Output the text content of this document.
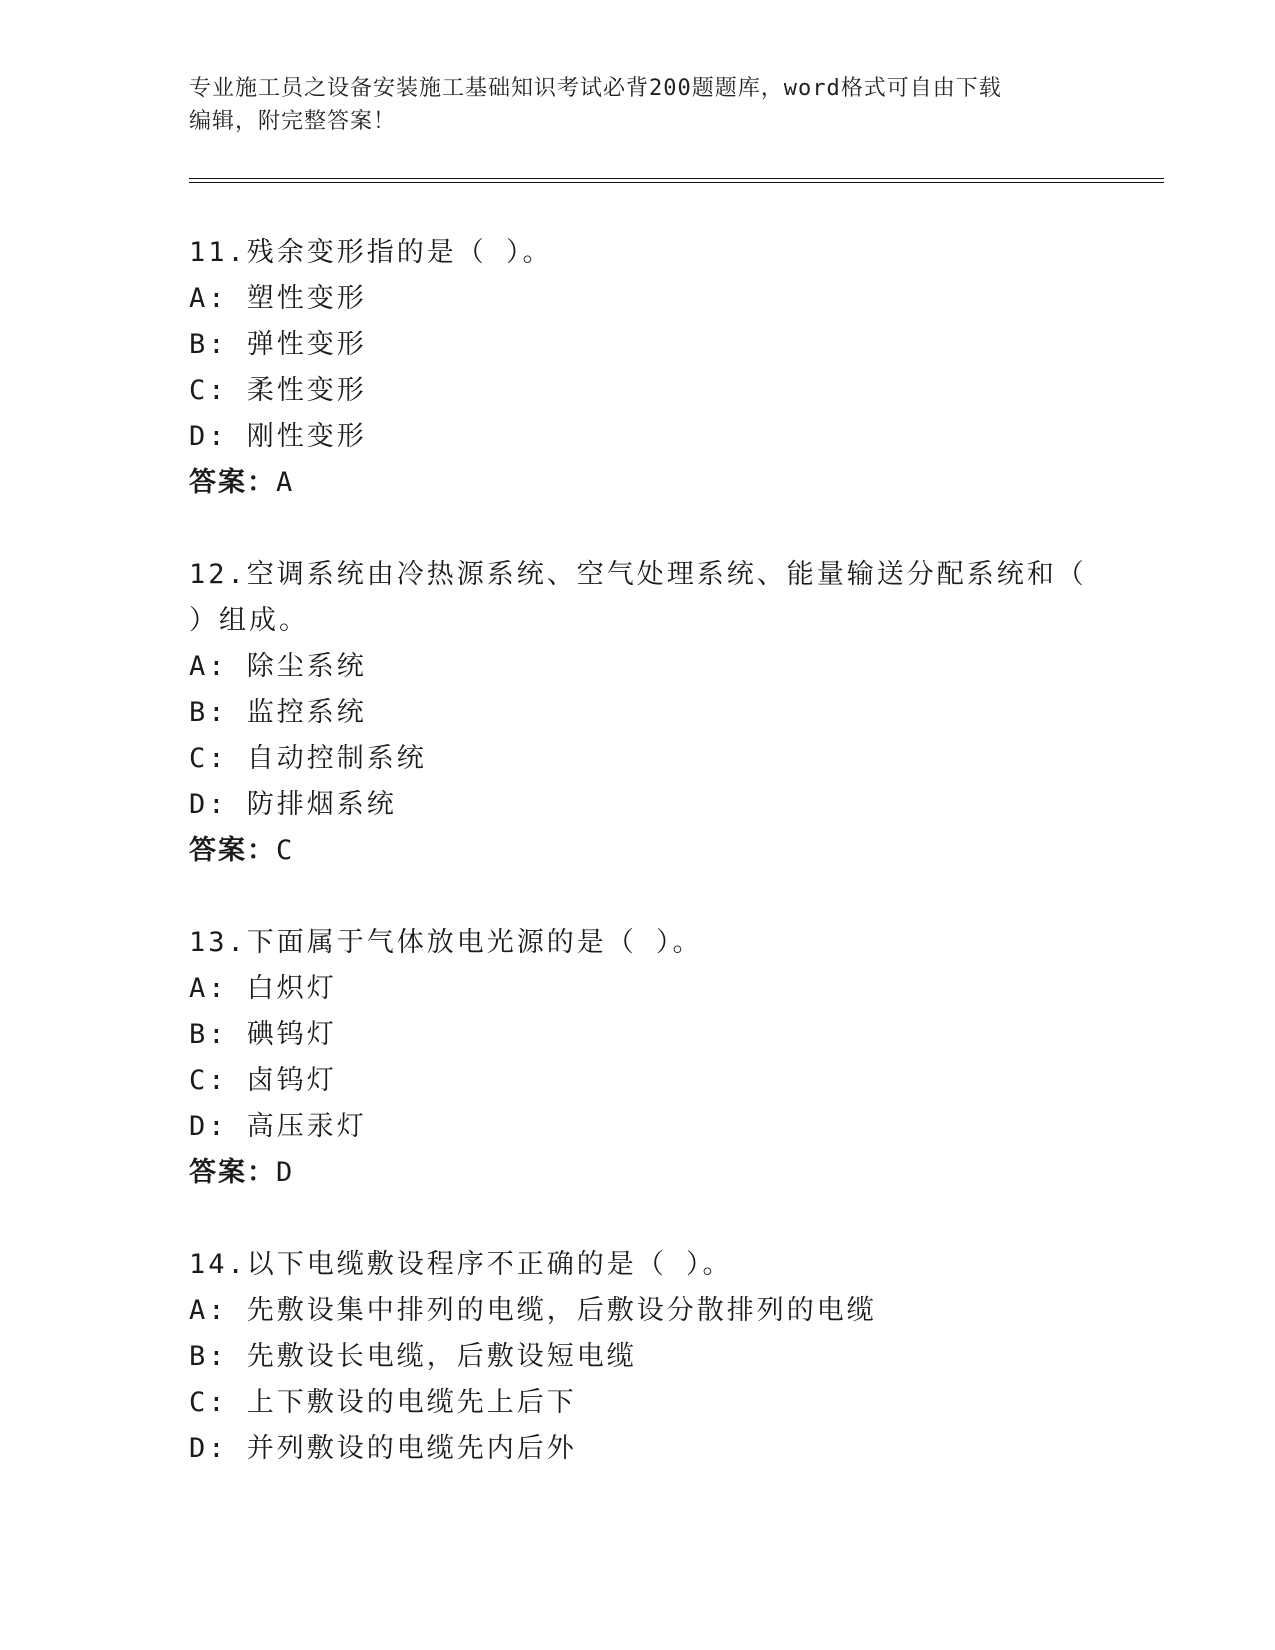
专业施工员之设备安装施工基础知识考试必背200题题库，word格式可自由下载
编辑，附完整答案！
11.残余变形指的是（ ）。
A: 塑性变形
B: 弹性变形
C: 柔性变形
D: 刚性变形
答案：A
12.空调系统由冷热源系统、空气处理系统、能量输送分配系统和（
）组成。
A: 除尘系统
B: 监控系统
C: 自动控制系统
D: 防排烟系统
答案：C
13.下面属于气体放电光源的是（ ）。
A: 白炽灯
B: 碘钨灯
C: 卤钨灯
D: 高压汞灯
答案：D
14.以下电缆敷设程序不正确的是（ ）。
A: 先敷设集中排列的电缆，后敷设分散排列的电缆
B: 先敷设长电缆，后敷设短电缆
C: 上下敷设的电缆先上后下
D: 并列敷设的电缆先内后外
